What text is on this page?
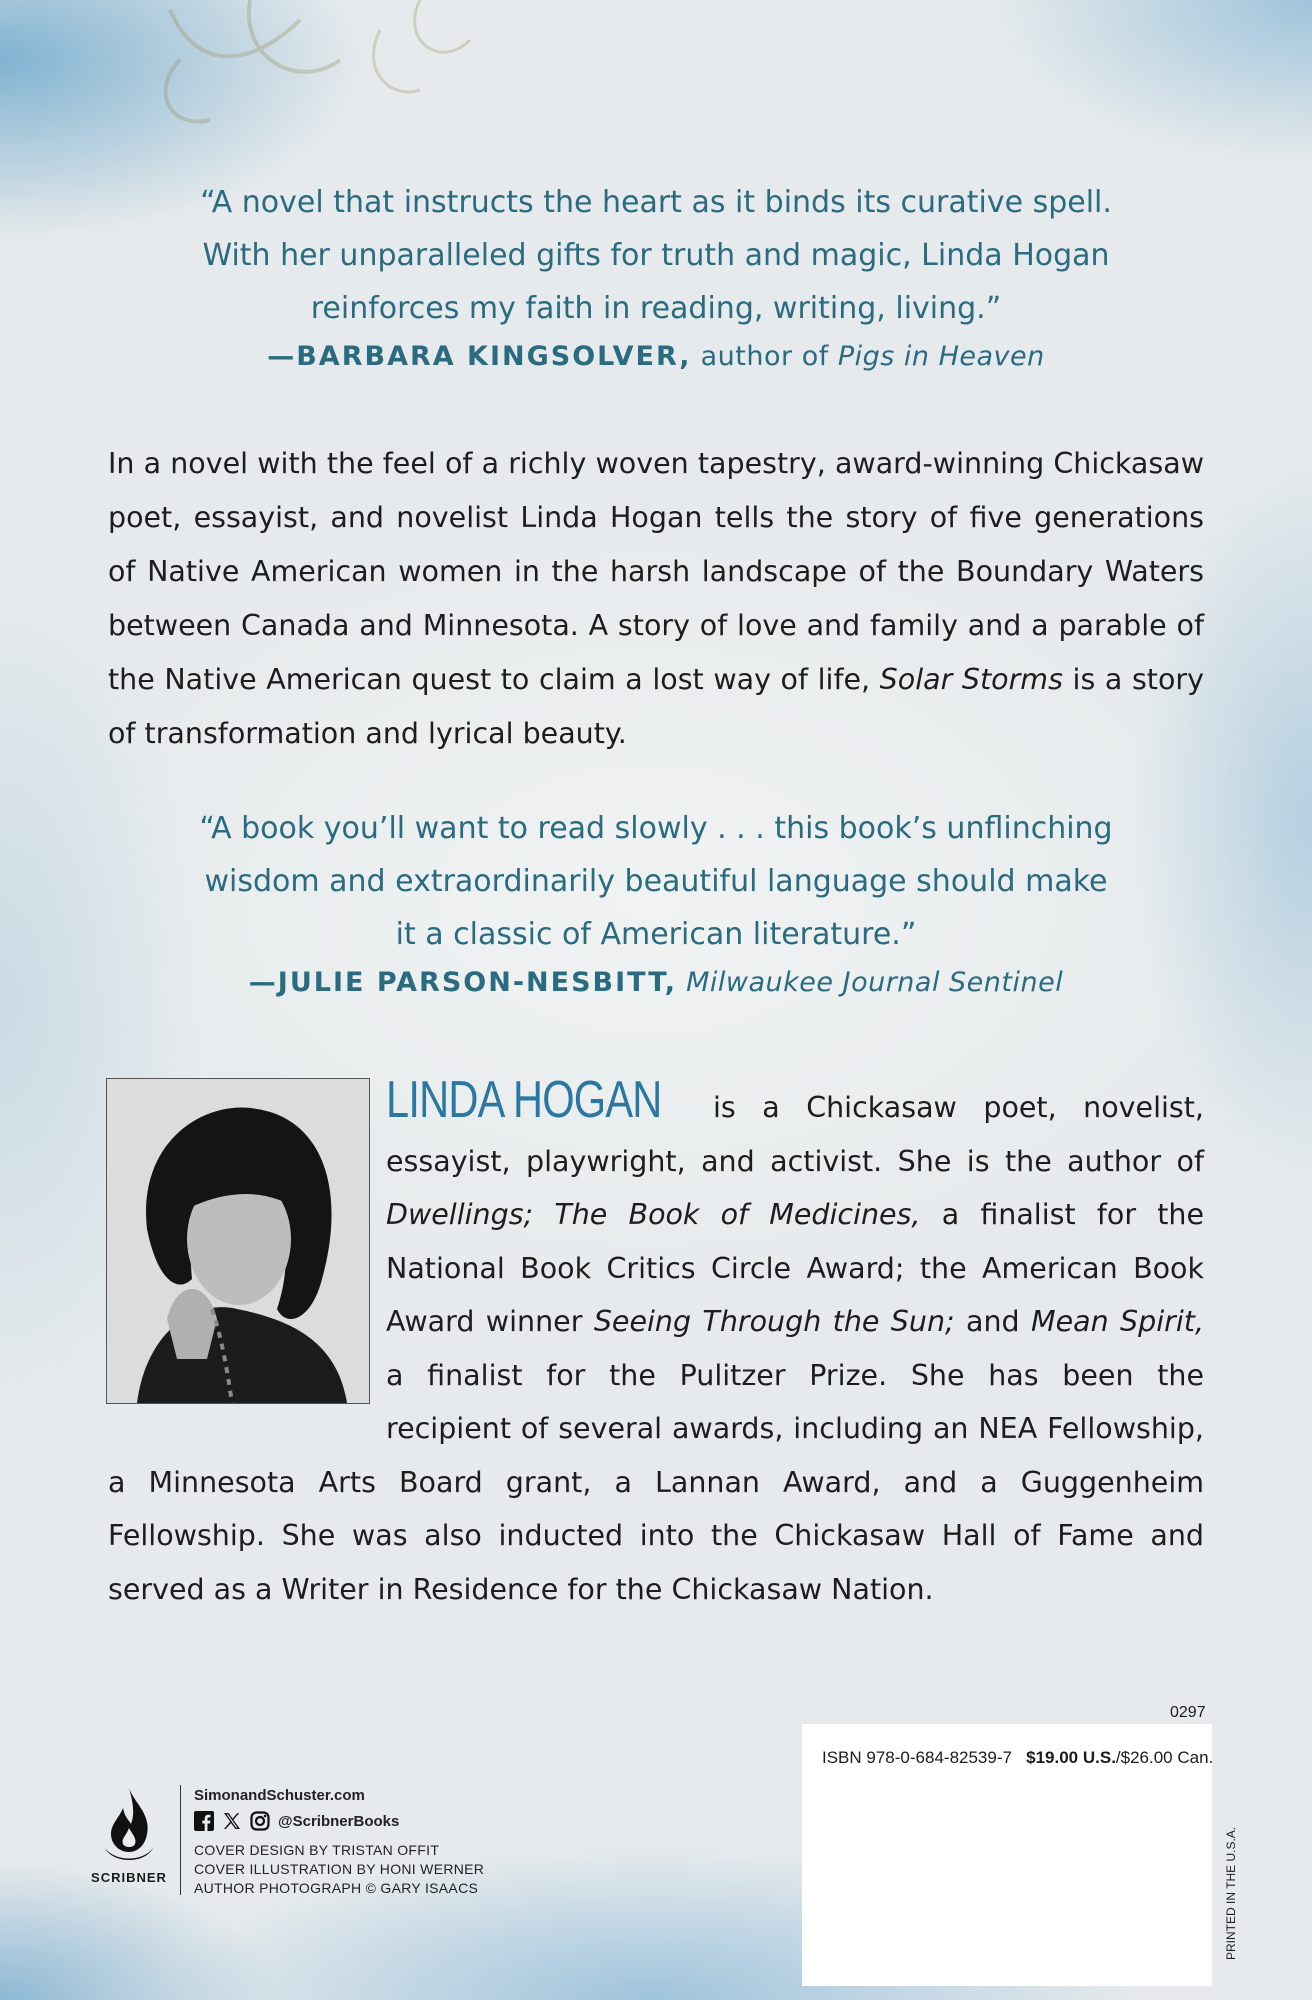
“A novel that instructs the heart as it binds its curative spell.
With her unparalleled gifts for truth and magic, Linda Hogan
reinforces my faith in reading, writing, living.”
—BARBARA KINGSOLVER, author of Pigs in Heaven
In a novel with the feel of a richly woven tapestry, award-winning Chickasaw poet, essayist, and novelist Linda Hogan tells the story of five generations of Native American women in the harsh landscape of the Boundary Waters between Canada and Minnesota. A story of love and family and a parable of the Native American quest to claim a lost way of life, Solar Storms is a story of transformation and lyrical beauty.
“A book you’ll want to read slowly . . . this book’s unflinching
wisdom and extraordinarily beautiful language should make
it a classic of American literature.”
—JULIE PARSON-NESBITT, Milwaukee Journal Sentinel
LINDA HOGAN is a Chickasaw poet, novelist, essayist, playwright, and activist. She is the author of Dwellings; The Book of Medicines, a finalist for the National Book Critics Circle Award; the American Book Award winner Seeing Through the Sun; and Mean Spirit, a finalist for the Pulitzer Prize. She has been the recipient of several awards, including an NEA Fellowship, a Minnesota Arts Board grant, a Lannan Award, and a Guggenheim Fellowship. She was also inducted into the Chickasaw Hall of Fame and served as a Writer in Residence for the Chickasaw Nation.
SCRIBNER
SimonandSchuster.com
@ScribnerBooks
COVER DESIGN BY TRISTAN OFFIT
COVER ILLUSTRATION BY HONI WERNER
AUTHOR PHOTOGRAPH © GARY ISAACS
0297
ISBN 978-0-684-82539-7 $19.00 U.S./$26.00 Can.
PRINTED IN THE U.S.A.
